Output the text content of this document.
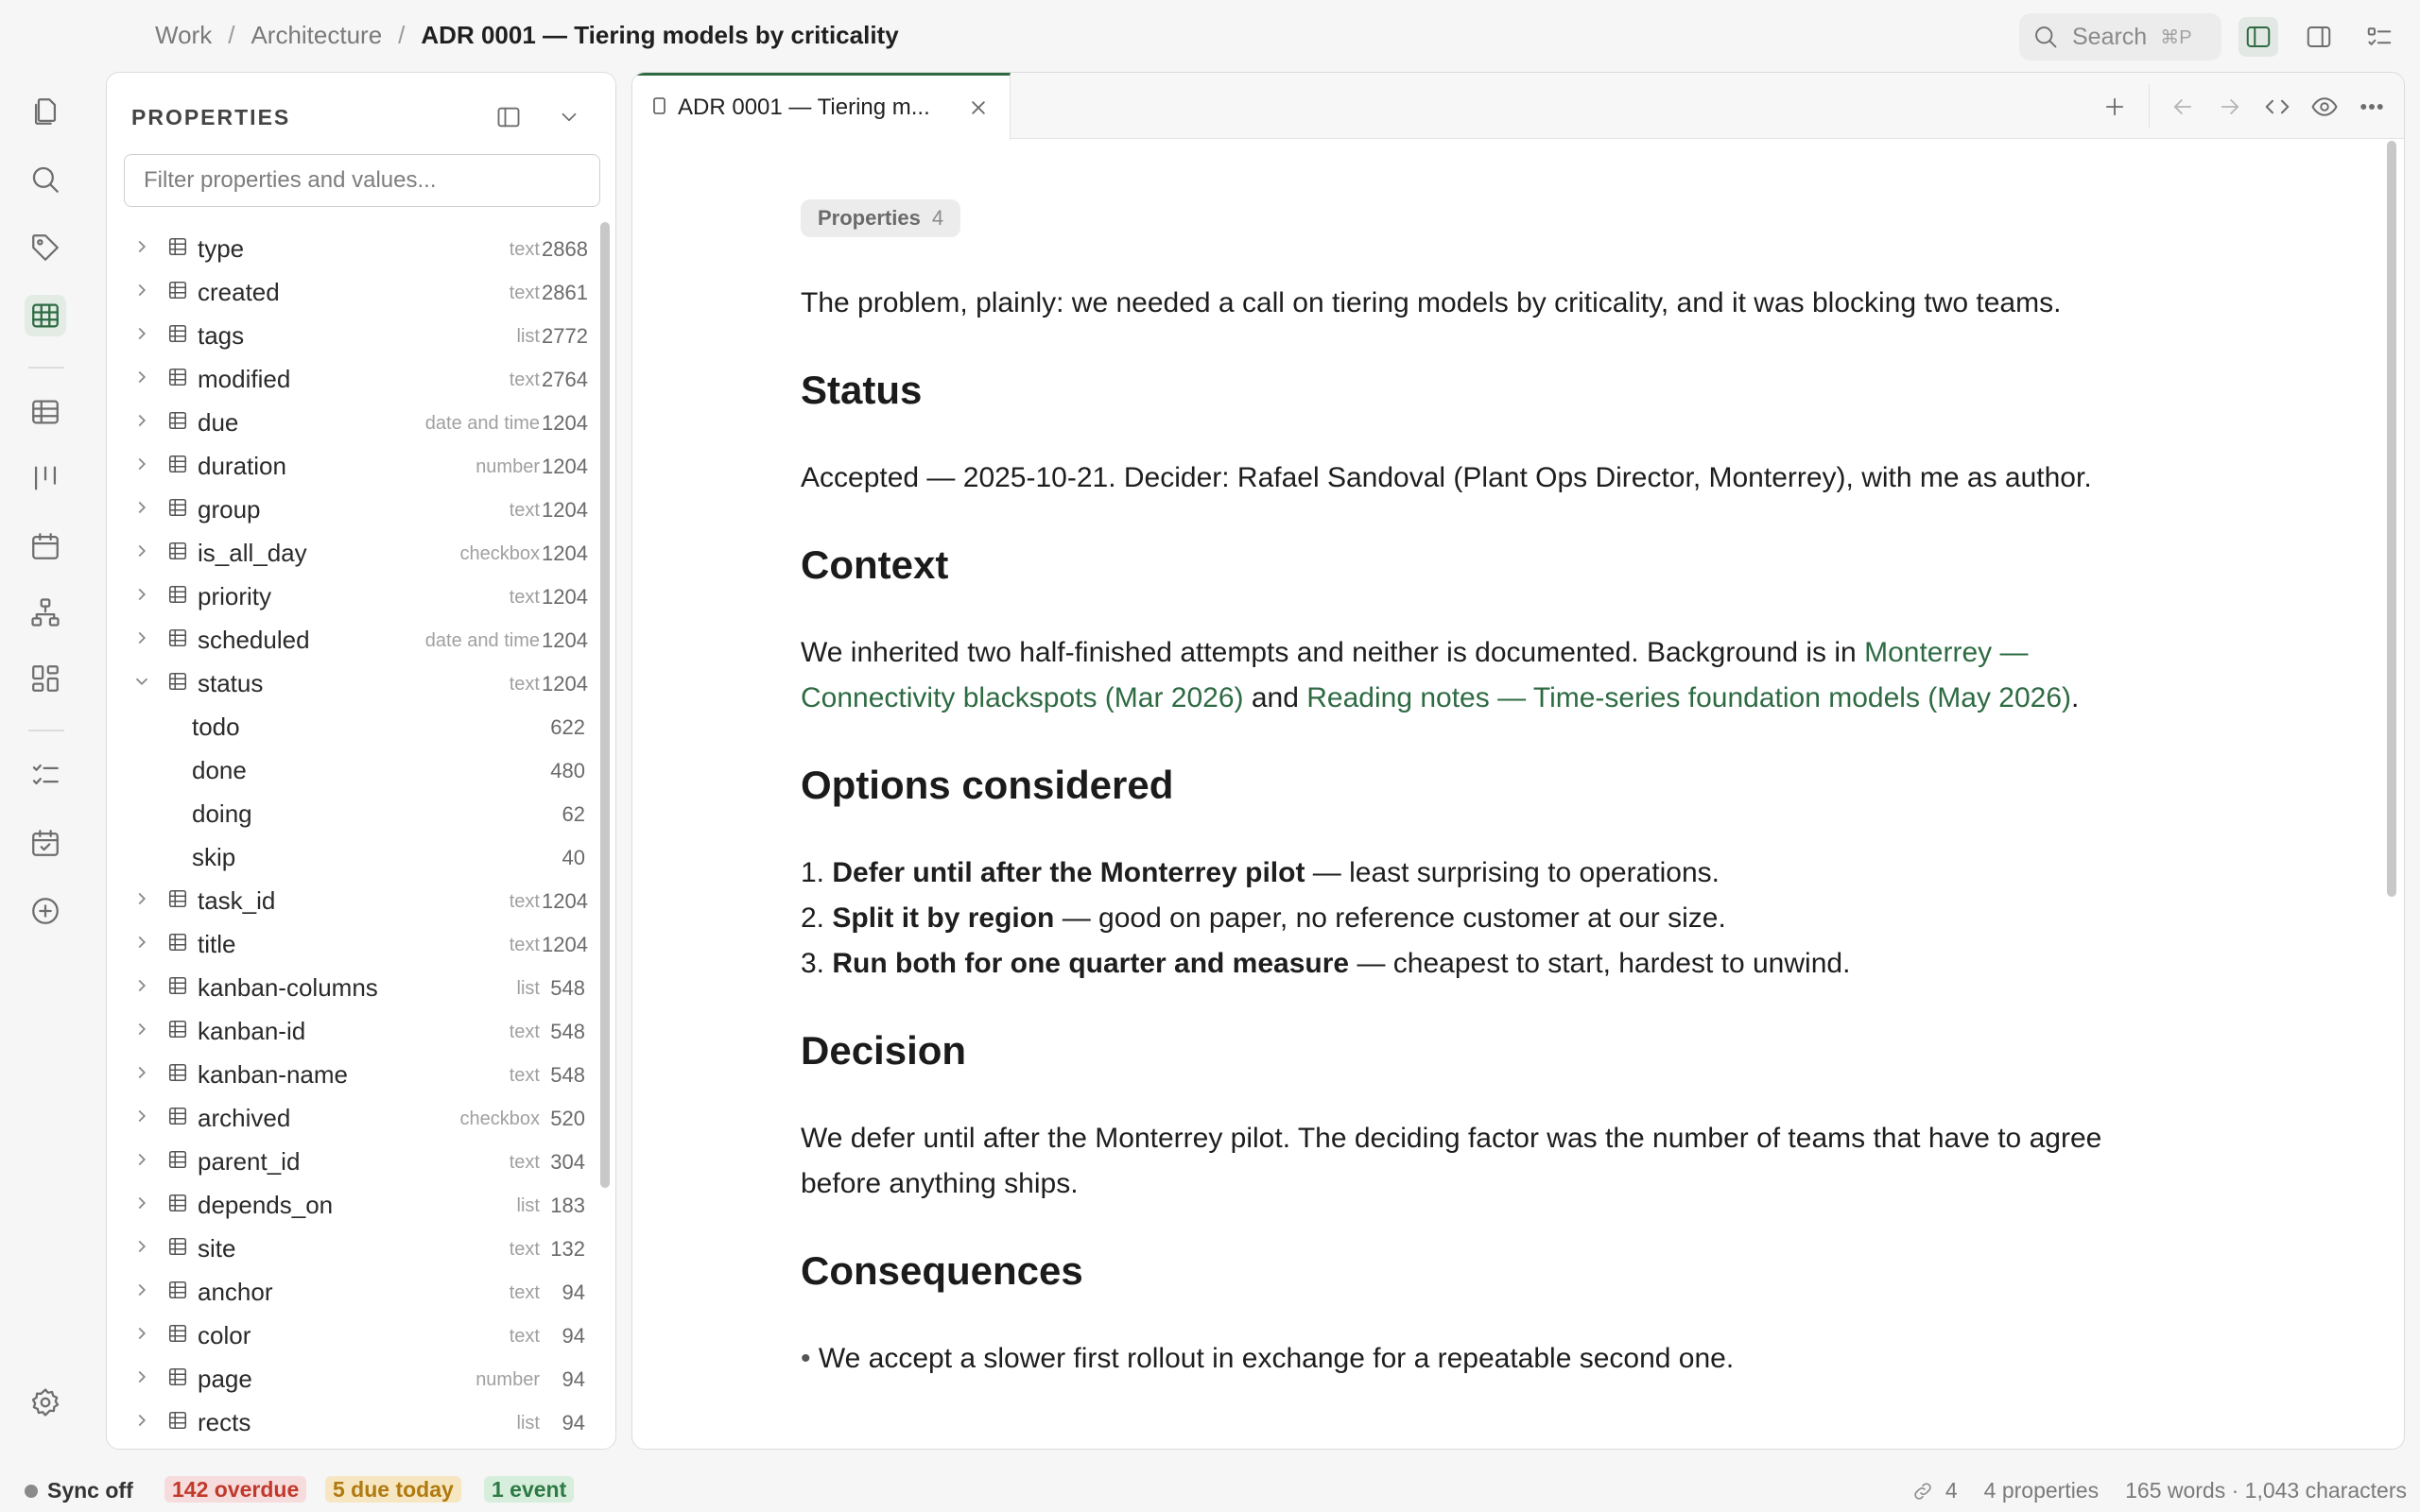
Work / Architecture / ADR 0001 — Tiering models by criticality	Search ⌘P
PROPERTIES
Filter properties and values...
type	text 2868
created	text 2861
tags	list 2772
modified	text 2764
due	date and time 1204
duration	number 1204
group	text 1204
is_all_day	checkbox 1204
priority	text 1204
scheduled	date and time 1204
status	text 1204
todo	622
done	480
doing	62
skip	40
task_id	text 1204
title	text 1204
kanban-columns	list 548
kanban-id	text 548
kanban-name	text 548
archived	checkbox 520
parent_id	text 304
depends_on	list 183
site	text 132
anchor	text	94
color	text	94
page	number	94
rects	list	94
ADR 0001 — Tiering m...
Properties 4

The problem, plainly: we needed a call on tiering models by criticality, and it was blocking two teams.

Status

Accepted — 2025-10-21. Decider: Rafael Sandoval (Plant Ops Director, Monterrey), with me as author.

Context

We inherited two half-finished attempts and neither is documented. Background is in Monterrey — Connectivity blackspots (Mar 2026) and Reading notes — Time-series foundation models (May 2026).

Options considered

1. Defer until after the Monterrey pilot — least surprising to operations.

2. Split it by region — good on paper, no reference customer at our size.

3. Run both for one quarter and measure — cheapest to start, hardest to unwind.

Decision

We defer until after the Monterrey pilot. The deciding factor was the number of teams that have to agree before anything ships.

Consequences

• We accept a slower first rollout in exchange for a repeatable second one.

Sync off	142 overdue	5 due today	1 event	4 4 properties 165 words · 1,043 characters
